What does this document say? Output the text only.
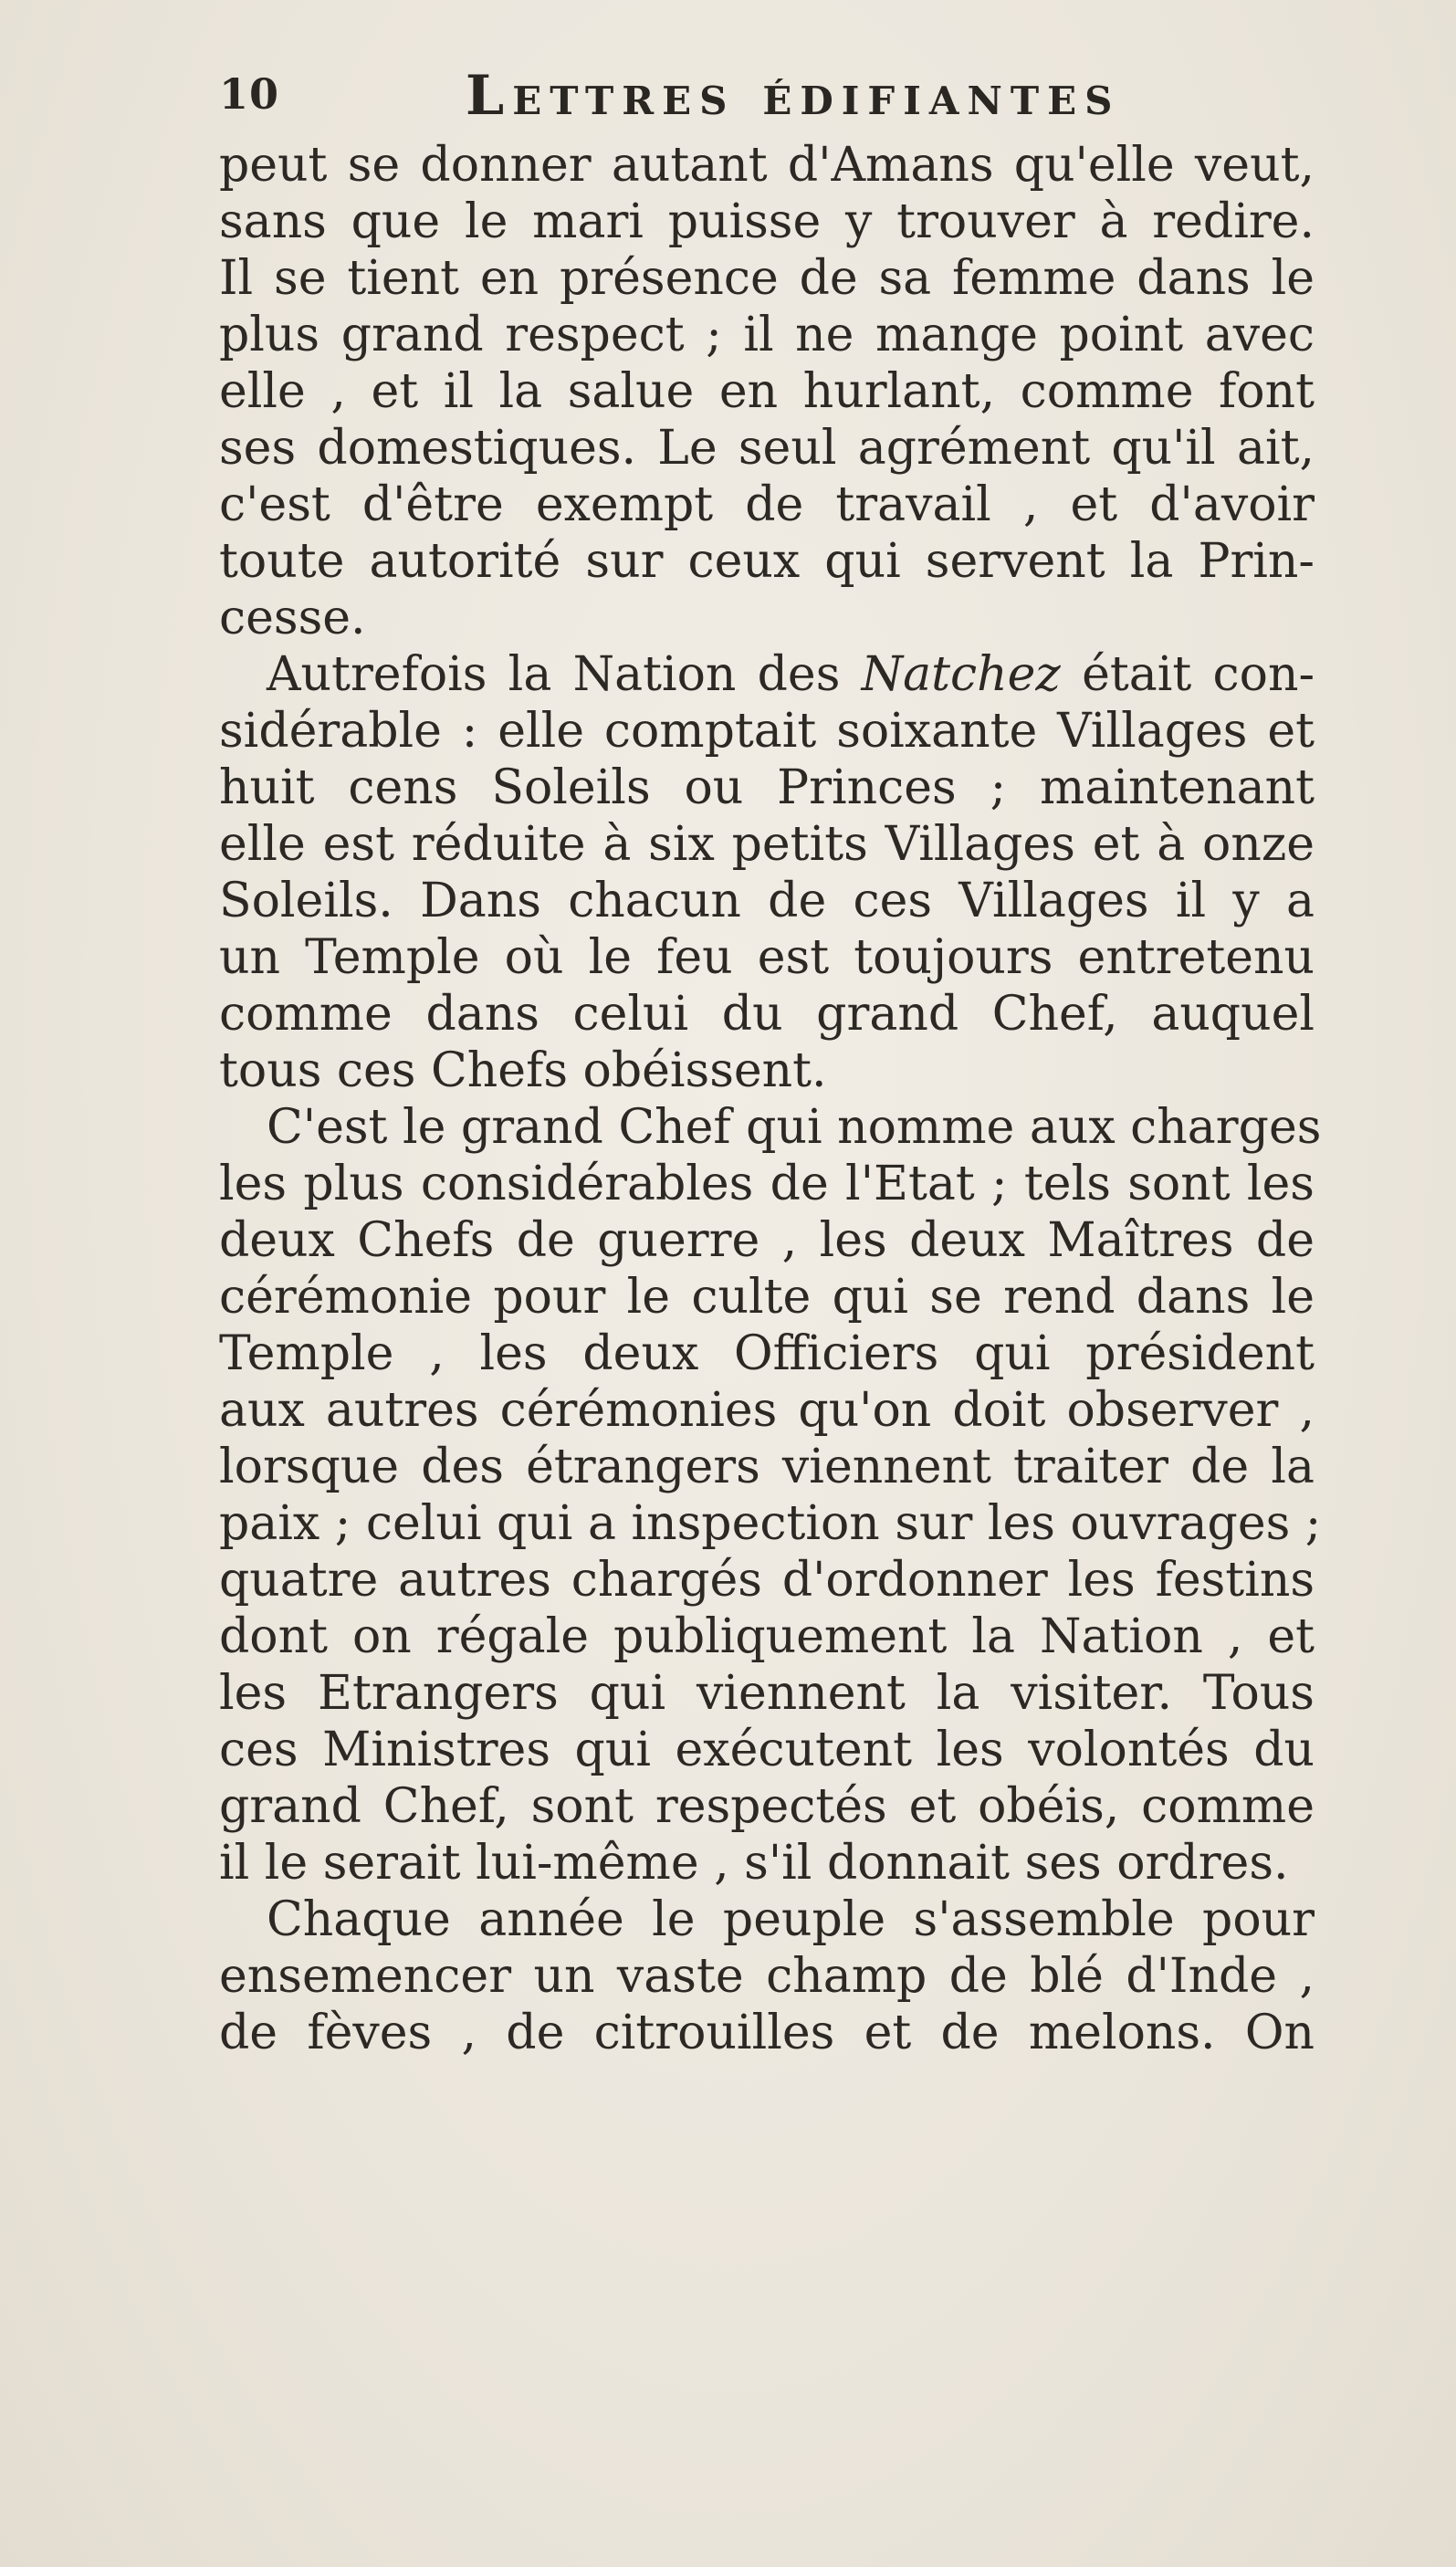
10	Lettres édifiantes
peut se donner autant d'Amans qu'elle veut,
sans que le mari puisse y trouver à redire.
Il se tient en présence de sa femme dans le
plus grand respect ; il ne mange point avec
elle , et il la salue en hurlant, comme font
ses domestiques. Le seul agrément qu'il ait,
c'est d'être exempt de travail , et d'avoir
toute autorité sur ceux qui servent la Prin-
cesse.
Autrefois la Nation des Natchez était con-
sidérable : elle comptait soixante Villages et
huit cens Soleils ou Princes ; maintenant
elle est réduite à six petits Villages et à onze
Soleils. Dans chacun de ces Villages il y a
un Temple où le feu est toujours entretenu
comme dans celui du grand Chef, auquel
tous ces Chefs obéissent.
C'est le grand Chef qui nomme aux charges
les plus considérables de l'Etat ; tels sont les
deux Chefs de guerre , les deux Maîtres de
cérémonie pour le culte qui se rend dans le
Temple , les deux Officiers qui président
aux autres cérémonies qu'on doit observer ,
lorsque des étrangers viennent traiter de la
paix ; celui qui a inspection sur les ouvrages ;
quatre autres chargés d'ordonner les festins
dont on régale publiquement la Nation , et
les Etrangers qui viennent la visiter. Tous
ces Ministres qui exécutent les volontés du
grand Chef, sont respectés et obéis, comme
il le serait lui-même , s'il donnait ses ordres.
Chaque année le peuple s'assemble pour
ensemencer un vaste champ de blé d'Inde ,
de fèves , de citrouilles et de melons. On
